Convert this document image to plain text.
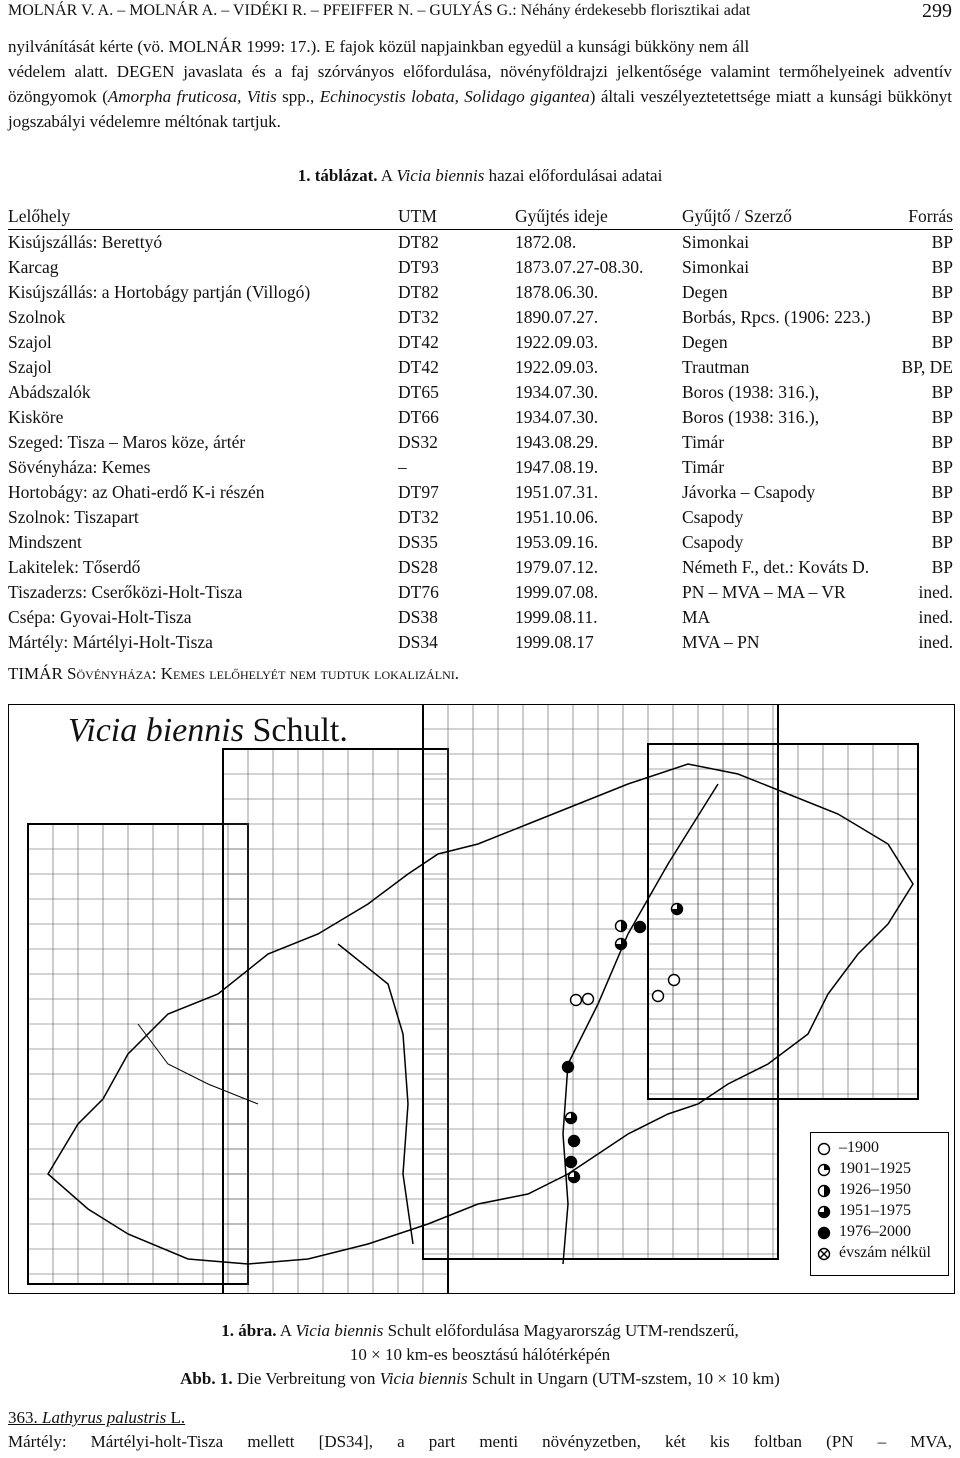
MOLNÁR V. A. – MOLNÁR A. – VIDÉKI R. – PFEIFFER N. – GULYÁS G.: Néhány érdekesebb florisztikai adat	299
nyilvánítását kérte (vö. MOLNÁR 1999: 17.). E fajok közül napjainkban egyedül a kunsági bükköny nem áll
védelem alatt. DEGEN javaslata és a faj szórványos előfordulása, növényföldrajzi jelkentősége valamint termőhelyeinek adventív özöngyomok (Amorpha fruticosa, Vitis spp., Echinocystis lobata, Solidago gigantea) általi veszélyeztetettsége miatt a kunsági bükkönyt jogszabályi védelemre méltónak tartjuk.
1. táblázat. A Vicia biennis hazai előfordulásai adatai
Lelőhely	UTM	Gyűjtés ideje	Gyűjtő / Szerző	Forrás
Kisújszállás: Berettyó	DT82	1872.08.	Simonkai	BP
Karcag	DT93	1873.07.27-08.30.	Simonkai	BP
Kisújszállás: a Hortobágy partján (Villogó)	DT82	1878.06.30.	Degen	BP
Szolnok	DT32	1890.07.27.	Borbás, Rpcs. (1906: 223.)	BP
Szajol	DT42	1922.09.03.	Degen	BP
Szajol	DT42	1922.09.03.	Trautman	BP, DE
Abádszalók	DT65	1934.07.30.	Boros (1938: 316.),	BP
Kisköre	DT66	1934.07.30.	Boros (1938: 316.),	BP
Szeged: Tisza – Maros köze, ártér	DS32	1943.08.29.	Timár	BP
Sövényháza: Kemes	–	1947.08.19.	Timár	BP
Hortobágy: az Ohati-erdő K-i részén	DT97	1951.07.31.	Jávorka – Csapody	BP
Szolnok: Tiszapart	DT32	1951.10.06.	Csapody	BP
Mindszent	DS35	1953.09.16.	Csapody	BP
Lakitelek: Tőserdő	DS28	1979.07.12.	Németh F., det.: Kováts D.	BP
Tiszaderzs: Cserőközi-Holt-Tisza	DT76	1999.07.08.	PN – MVA – MA – VR	ined.
Csépa: Gyovai-Holt-Tisza	DS38	1999.08.11.	MA	ined.
Mártély: Mártélyi-Holt-Tisza	DS34	1999.08.17	MVA – PN	ined.
TIMÁR Sövényháza: Kemes lelőhelyét nem tudtuk lokalizálni.
Vicia biennis Schult.
–1900
1901–1925
1926–1950
1951–1975
1976–2000
évszám nélkül
1. ábra. A Vicia biennis Schult előfordulása Magyarország UTM-rendszerű,
10 × 10 km-es beosztású hálótérképén
Abb. 1. Die Verbreitung von Vicia biennis Schult in Ungarn (UTM-szstem, 10 × 10 km)
363. Lathyrus palustris L.
Mártély: Mártélyi-holt-Tisza mellett [DS34], a part menti növényzetben, két kis foltban (PN – MVA,
